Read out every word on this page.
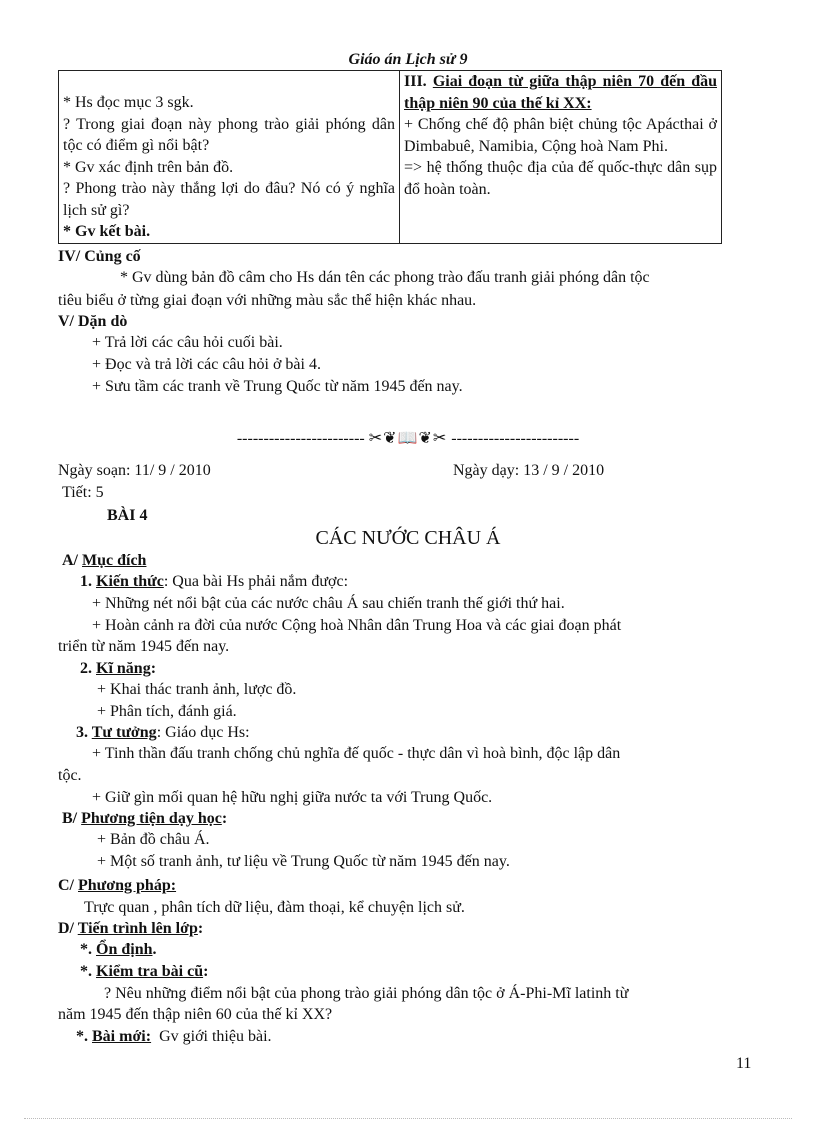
Giáo án Lịch sử 9
* Hs đọc mục 3 sgk.
? Trong giai đoạn này phong trào giải phóng dân tộc có điểm gì nổi bật?
* Gv xác định trên bản đồ.
? Phong trào này thắng lợi do đâu? Nó có ý nghĩa lịch sử gì?
* Gv kết bài.

III. Giai đoạn từ giữa thập niên 70 đến đầu thập niên 90 của thế kỉ XX:
+ Chống chế độ phân biệt chủng tộc Apácthai ở Dimbabuê, Namibia, Cộng hoà Nam Phi.
=> hệ thống thuộc địa của đế quốc-thực dân sụp đổ hoàn toàn.
IV/ Củng cố
* Gv dùng bản đồ câm cho Hs dán tên các phong trào đấu tranh giải phóng dân tộc
tiêu biểu ở từng giai đoạn với những màu sắc thể hiện khác nhau.
V/ Dặn dò
+ Trả lời các câu hỏi cuối bài.
+ Đọc và trả lời các câu hỏi ở bài 4.
+ Sưu tầm các tranh về Trung Quốc từ năm 1945 đến nay.
------------------------ ✂❦📖❦✂ ------------------------
Ngày soạn: 11/ 9 / 2010	Ngày dạy: 13 / 9 / 2010
Tiết: 5
BÀI 4
CÁC NƯỚC CHÂU Á
A/ Mục đích
1. Kiến thức: Qua bài Hs phải nắm được:
+ Những nét nổi bật của các nước châu Á sau chiến tranh thế giới thứ hai.
+ Hoàn cảnh ra đời của nước Cộng hoà Nhân dân Trung Hoa và các giai đoạn phát
triển từ năm 1945 đến nay.
2. Kĩ năng:
+ Khai thác tranh ảnh, lược đồ.
+ Phân tích, đánh giá.
3. Tư tưởng: Giáo dục Hs:
+ Tinh thần đấu tranh chống chủ nghĩa đế quốc - thực dân vì hoà bình, độc lập dân
tộc.
+ Giữ gìn mối quan hệ hữu nghị giữa nước ta với Trung Quốc.
B/ Phương tiện dạy học:
+ Bản đồ châu Á.
+ Một số tranh ảnh, tư liệu về Trung Quốc từ năm 1945 đến nay.
C/ Phương pháp:
Trực quan , phân tích dữ liệu, đàm thoại, kể chuyện lịch sử.
D/ Tiến trình lên lớp:
*. Ổn định.
*. Kiểm tra bài cũ:
? Nêu những điểm nổi bật của phong trào giải phóng dân tộc ở Á-Phi-Mĩ latinh từ
năm 1945 đến thập niên 60 của thế kỉ XX?
*. Bài mới: Gv giới thiệu bài.
11
